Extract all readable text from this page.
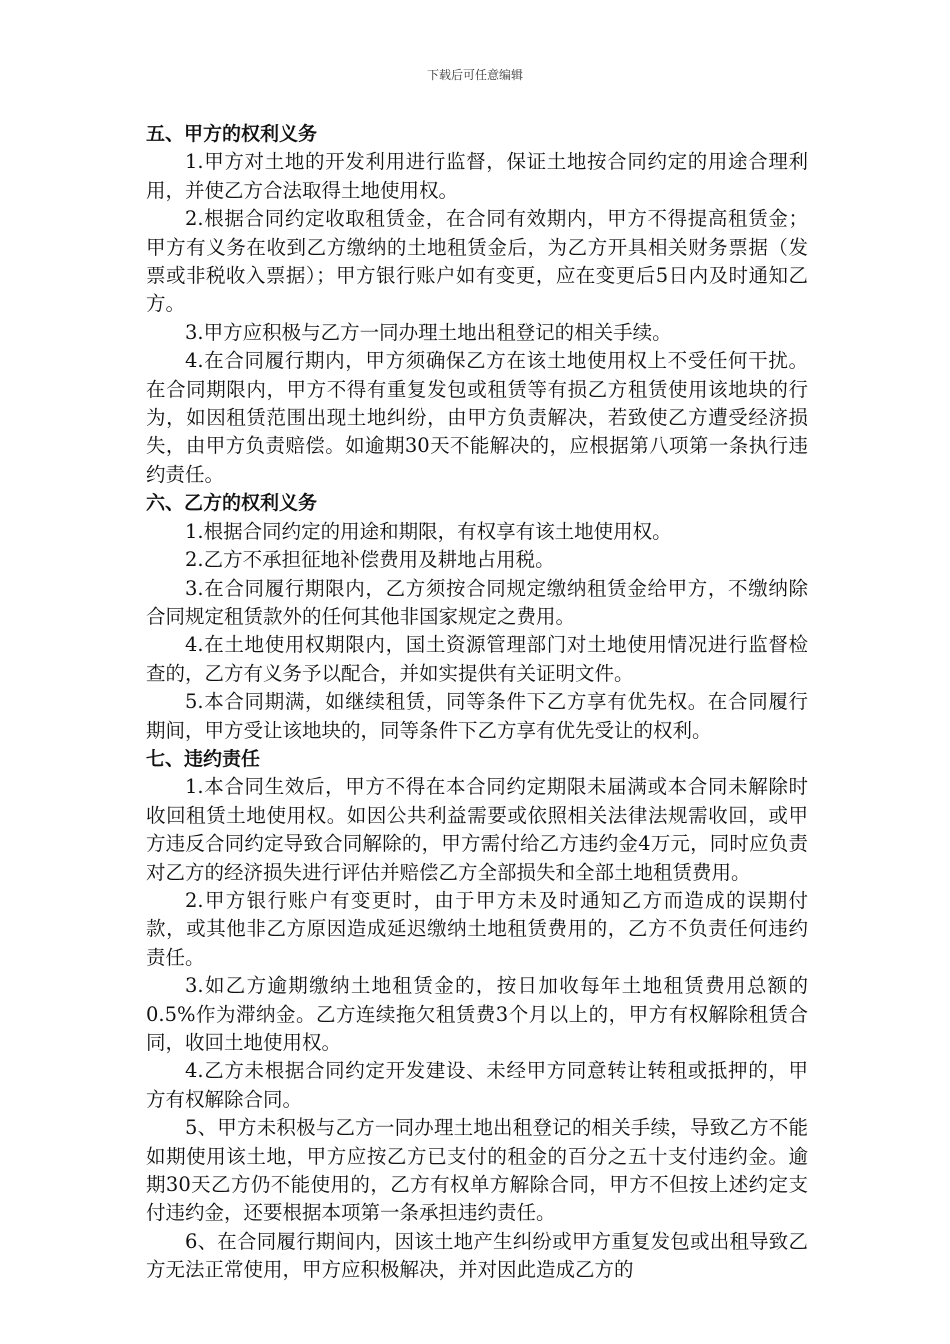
下载后可任意编辑

五、甲方的权利义务

1.甲方对土地的开发利用进行监督，保证土地按合同约定的用途合理利用，并使乙方合法取得土地使用权。

2.根据合同约定收取租赁金，在合同有效期内，甲方不得提高租赁金；甲方有义务在收到乙方缴纳的土地租赁金后，为乙方开具相关财务票据（发票或非税收入票据）；甲方银行账户如有变更，应在变更后5日内及时通知乙方。

3.甲方应积极与乙方一同办理土地出租登记的相关手续。

4.在合同履行期内，甲方须确保乙方在该土地使用权上不受任何干扰。在合同期限内，甲方不得有重复发包或租赁等有损乙方租赁使用该地块的行为，如因租赁范围出现土地纠纷，由甲方负责解决，若致使乙方遭受经济损失，由甲方负责赔偿。如逾期30天不能解决的，应根据第八项第一条执行违约责任。

六、乙方的权利义务

1.根据合同约定的用途和期限，有权享有该土地使用权。

2.乙方不承担征地补偿费用及耕地占用税。

3.在合同履行期限内，乙方须按合同规定缴纳租赁金给甲方，不缴纳除合同规定租赁款外的任何其他非国家规定之费用。

4.在土地使用权期限内，国土资源管理部门对土地使用情况进行监督检查的，乙方有义务予以配合，并如实提供有关证明文件。

5.本合同期满，如继续租赁，同等条件下乙方享有优先权。在合同履行期间，甲方受让该地块的，同等条件下乙方享有优先受让的权利。

七、违约责任

1.本合同生效后，甲方不得在本合同约定期限未届满或本合同未解除时收回租赁土地使用权。如因公共利益需要或依照相关法律法规需收回，或甲方违反合同约定导致合同解除的，甲方需付给乙方违约金4万元，同时应负责对乙方的经济损失进行评估并赔偿乙方全部损失和全部土地租赁费用。

2.甲方银行账户有变更时，由于甲方未及时通知乙方而造成的误期付款，或其他非乙方原因造成延迟缴纳土地租赁费用的，乙方不负责任何违约责任。

3.如乙方逾期缴纳土地租赁金的，按日加收每年土地租赁费用总额的0.5%作为滞纳金。乙方连续拖欠租赁费3个月以上的，甲方有权解除租赁合同，收回土地使用权。

4.乙方未根据合同约定开发建设、未经甲方同意转让转租或抵押的，甲方有权解除合同。

5、甲方未积极与乙方一同办理土地出租登记的相关手续，导致乙方不能如期使用该土地，甲方应按乙方已支付的租金的百分之五十支付违约金。逾期30天乙方仍不能使用的，乙方有权单方解除合同，甲方不但按上述约定支付违约金，还要根据本项第一条承担违约责任。

6、在合同履行期间内，因该土地产生纠纷或甲方重复发包或出租导致乙方无法正常使用，甲方应积极解决，并对因此造成乙方的
